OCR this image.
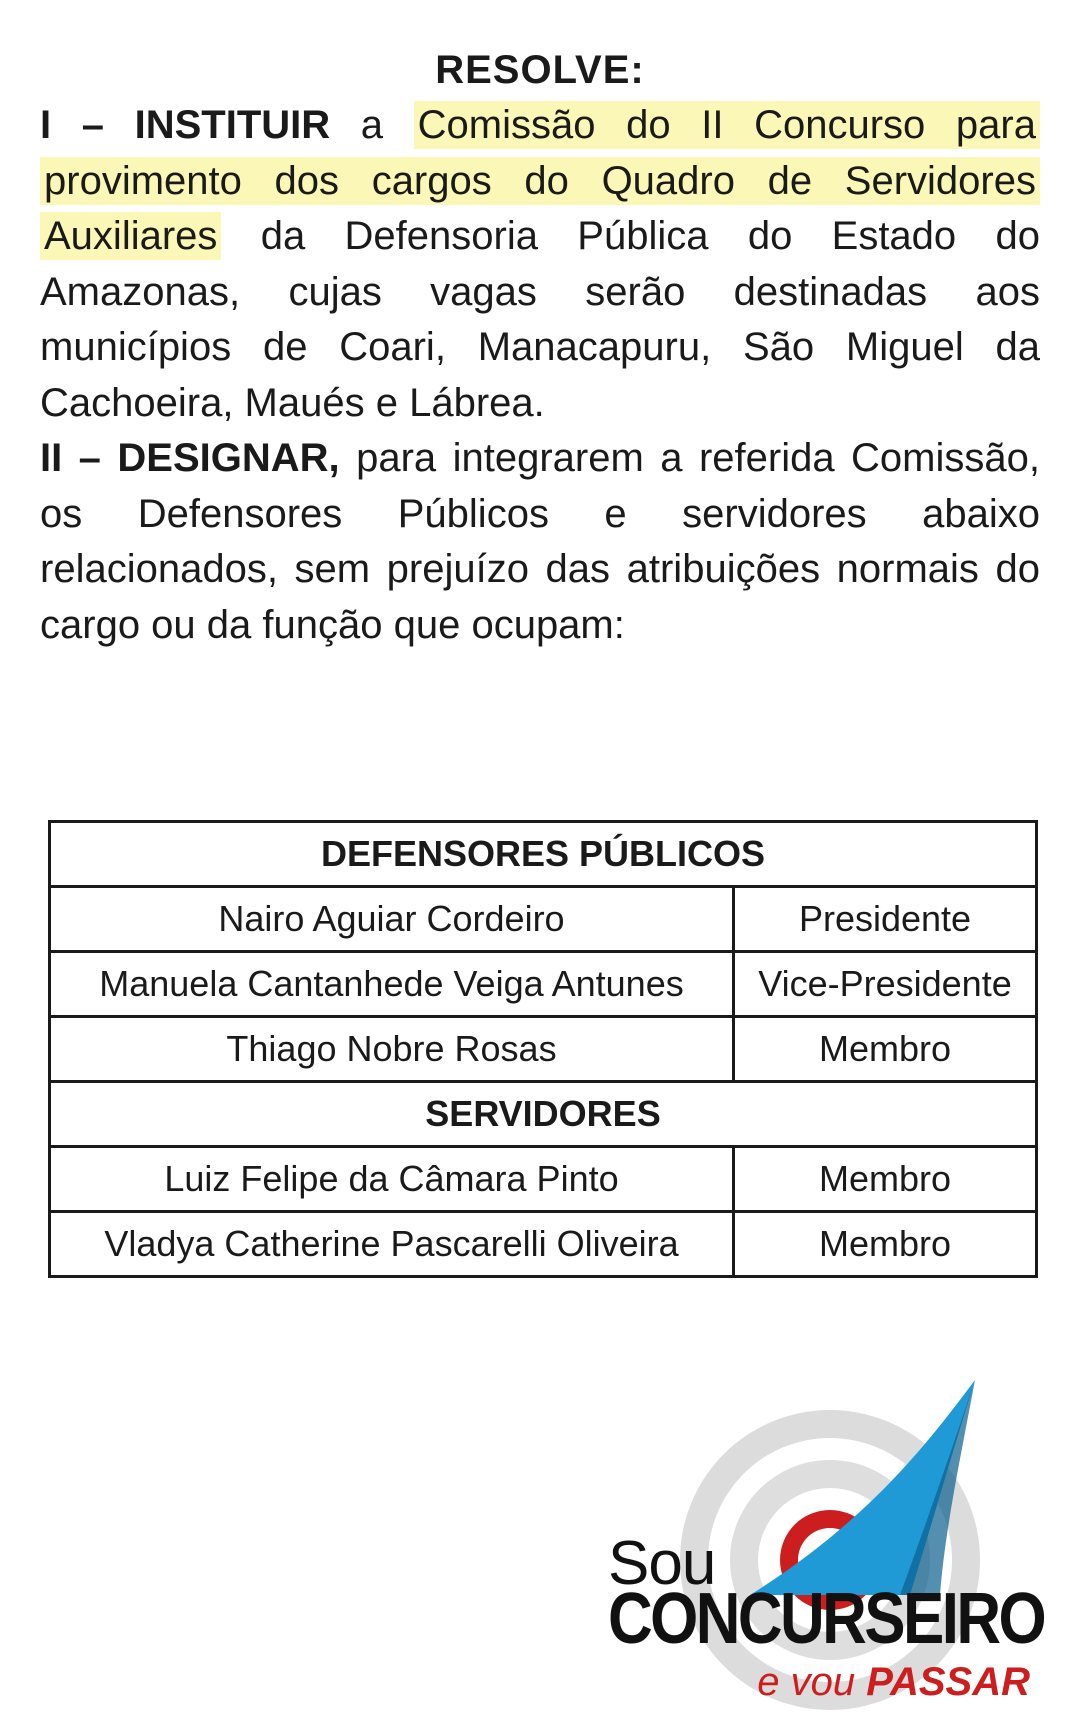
RESOLVE:

I – INSTITUIR a Comissão do II Concurso para provimento dos cargos do Quadro de Servidores Auxiliares da Defensoria Pública do Estado do Amazonas, cujas vagas serão destinadas aos municípios de Coari, Manacapuru, São Miguel da Cachoeira, Maués e Lábrea.

II – DESIGNAR, para integrarem a referida Comissão, os Defensores Públicos e servidores abaixo relacionados, sem prejuízo das atribuições normais do cargo ou da função que ocupam:

DEFENSORES PÚBLICOS	
Nairo Aguiar Cordeiro	Presidente
Manuela Cantanhede Veiga Antunes	Vice-Presidente
Thiago Nobre Rosas	Membro
SERVIDORES	
Luiz Felipe da Câmara Pinto	Membro
Vladya Catherine Pascarelli Oliveira	Membro
Sou
CONCURSEIRO
e vou PASSAR
